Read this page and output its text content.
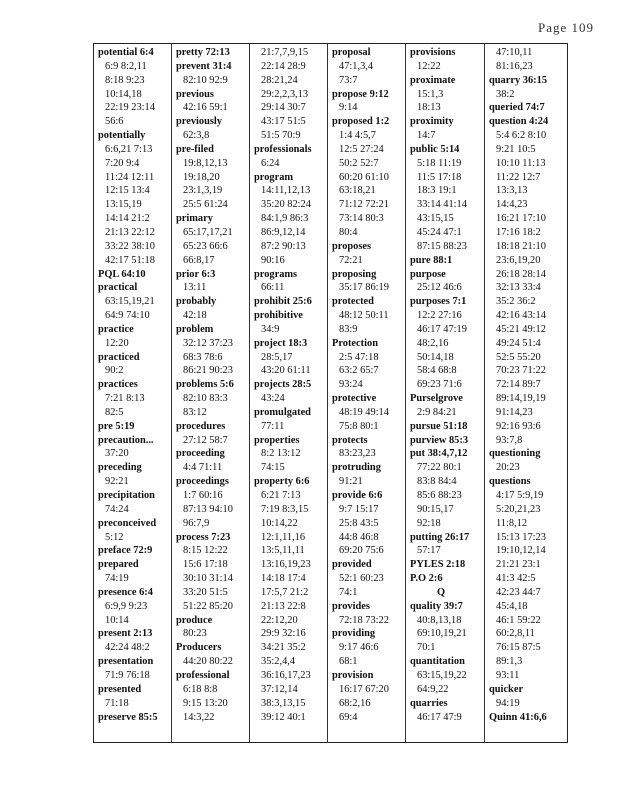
Page 109
potential 6:4
6:9 8:2,11
8:18 9:23
10:14,18
22:19 23:14
56:6
potentially
6:6,21 7:13
7:20 9:4
11:24 12:11
12:15 13:4
13:15,19
14:14 21:2
21:13 22:12
33:22 38:10
42:17 51:18
PQL 64:10
practical
63:15,19,21
64:9 74:10
practice
12:20
practiced
90:2
practices
7:21 8:13
82:5
pre 5:19
precaution...
37:20
preceding
92:21
precipitation
74:24
preconceived
5:12
preface 72:9
prepared
74:19
presence 6:4
6:9,9 9:23
10:14
present 2:13
42:24 48:2
presentation
71:9 76:18
presented
71:18
preserve 85:5
pretty 72:13
prevent 31:4
82:10 92:9
previous
42:16 59:1
previously
62:3,8
pre-filed
19:8,12,13
19:18,20
23:1,3,19
25:5 61:24
primary
65:17,17,21
65:23 66:6
66:8,17
prior 6:3
13:11
probably
42:18
problem
32:12 37:23
68:3 78:6
86:21 90:23
problems 5:6
82:10 83:3
83:12
procedures
27:12 58:7
proceeding
4:4 71:11
proceedings
1:7 60:16
87:13 94:10
96:7,9
process 7:23
8:15 12:22
15:6 17:18
30:10 31:14
33:20 51:5
51:22 85:20
produce
80:23
Producers
44:20 80:22
professional
6:18 8:8
9:15 13:20
14:3,22
21:7,7,9,15
22:14 28:9
28:21,24
29:2,2,3,13
29:14 30:7
43:17 51:5
51:5 70:9
professionals
6:24
program
14:11,12,13
35:20 82:24
84:1,9 86:3
86:9,12,14
87:2 90:13
90:16
programs
66:11
prohibit 25:6
prohibitive
34:9
project 18:3
28:5,17
43:20 61:11
projects 28:5
43:24
promulgated
77:11
properties
8:2 13:12
74:15
property 6:6
6:21 7:13
7:19 8:3,15
10:14,22
12:1,11,16
13:5,11,11
13:16,19,23
14:18 17:4
17:5,7 21:2
21:13 22:8
22:12,20
29:9 32:16
34:21 35:2
35:2,4,4
36:16,17,23
37:12,14
38:3,13,15
39:12 40:1
proposal
47:1,3,4
73:7
propose 9:12
9:14
proposed 1:2
1:4 4:5,7
12:5 27:24
50:2 52:7
60:20 61:10
63:18,21
71:12 72:21
73:14 80:3
80:4
proposes
72:21
proposing
35:17 86:19
protected
48:12 50:11
83:9
Protection
2:5 47:18
63:2 65:7
93:24
protective
48:19 49:14
75:8 80:1
protects
83:23,23
protruding
91:21
provide 6:6
9:7 15:17
25:8 43:5
44:8 46:8
69:20 75:6
provided
52:1 60:23
74:1
provides
72:18 73:22
providing
9:17 46:6
68:1
provision
16:17 67:20
68:2,16
69:4
provisions
12:22
proximate
15:1,3
18:13
proximity
14:7
public 5:14
5:18 11:19
11:5 17:18
18:3 19:1
33:14 41:14
43:15,15
45:24 47:1
87:15 88:23
pure 88:1
purpose
25:12 46:6
purposes 7:1
12:2 27:16
46:17 47:19
48:2,16
50:14,18
58:4 68:8
69:23 71:6
Purselgrove
2:9 84:21
pursue 51:18
purview 85:3
put 38:4,7,12
77:22 80:1
83:8 84:4
85:6 88:23
90:15,17
92:18
putting 26:17
57:17
PYLES 2:18
P.O 2:6
Q
quality 39:7
40:8,13,18
69:10,19,21
70:1
quantitation
63:15,19,22
64:9,22
quarries
46:17 47:9
47:10,11
81:16,23
quarry 36:15
38:2
queried 74:7
question 4:24
5:4 6:2 8:10
9:21 10:5
10:10 11:13
11:22 12:7
13:3,13
14:4,23
16:21 17:10
17:16 18:2
18:18 21:10
23:6,19,20
26:18 28:14
32:13 33:4
35:2 36:2
42:16 43:14
45:21 49:12
49:24 51:4
52:5 55:20
70:23 71:22
72:14 89:7
89:14,19,19
91:14,23
92:16 93:6
93:7,8
questioning
20:23
questions
4:17 5:9,19
5:20,21,23
11:8,12
15:13 17:23
19:10,12,14
21:21 23:1
41:3 42:5
42:23 44:7
45:4,18
46:1 59:22
60:2,8,11
76:15 87:5
89:1,3
93:11
quicker
94:19
Quinn 41:6,6
